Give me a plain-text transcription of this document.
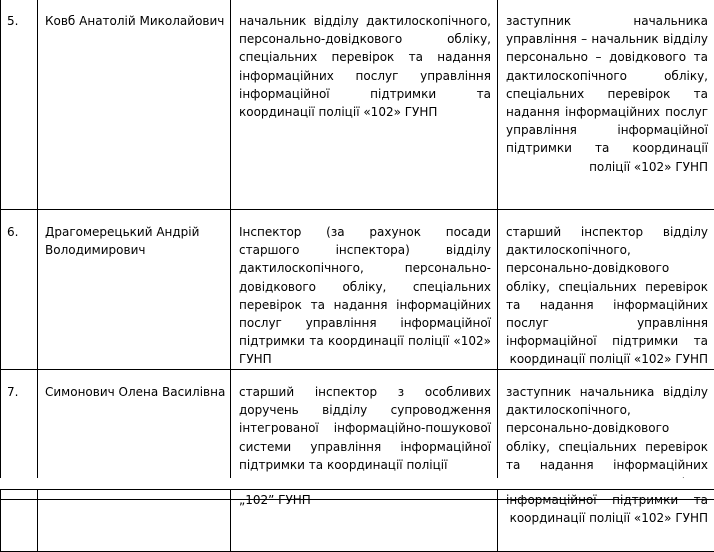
5.	Ковб Анатолій Миколайович	начальник відділу дактилоскопічного, персонально-довідкового обліку, спеціальних перевірок та надання інформаційних послуг управління інформаційної підтримки та координації поліції «102» ГУНП	заступник начальника управління – начальник відділу персонально – довідкового та дактилоскопічного обліку, спеціальних перевірок та надання інформаційних послуг управління інформаційної підтримки та координації поліції «102» ГУНП
6.	Драгомерецький Андрій Володимирович	Інспектор (за рахунок посади старшого інспектора) відділу дактилоскопічного, персонально-довідкового обліку, спеціальних перевірок та надання інформаційних послуг управління інформаційної підтримки та координації поліції «102» ГУНП	старший інспектор відділу дактилоскопічного, персонально-довідкового обліку, спеціальних перевірок та надання інформаційних послуг управління інформаційної підтримки та координації поліції «102» ГУНП
7.	Симонович Олена Василівна	старший інспектор з особливих доручень відділу супроводження інтегрованої інформаційно-пошукової системи управління інформаційної підтримки та координації поліції	заступник начальника відділу дактилоскопічного, персонально-довідкового обліку, спеціальних перевірок та надання інформаційних
		„102” ГУНП	інформаційної підтримки та координації поліції «102» ГУНП
